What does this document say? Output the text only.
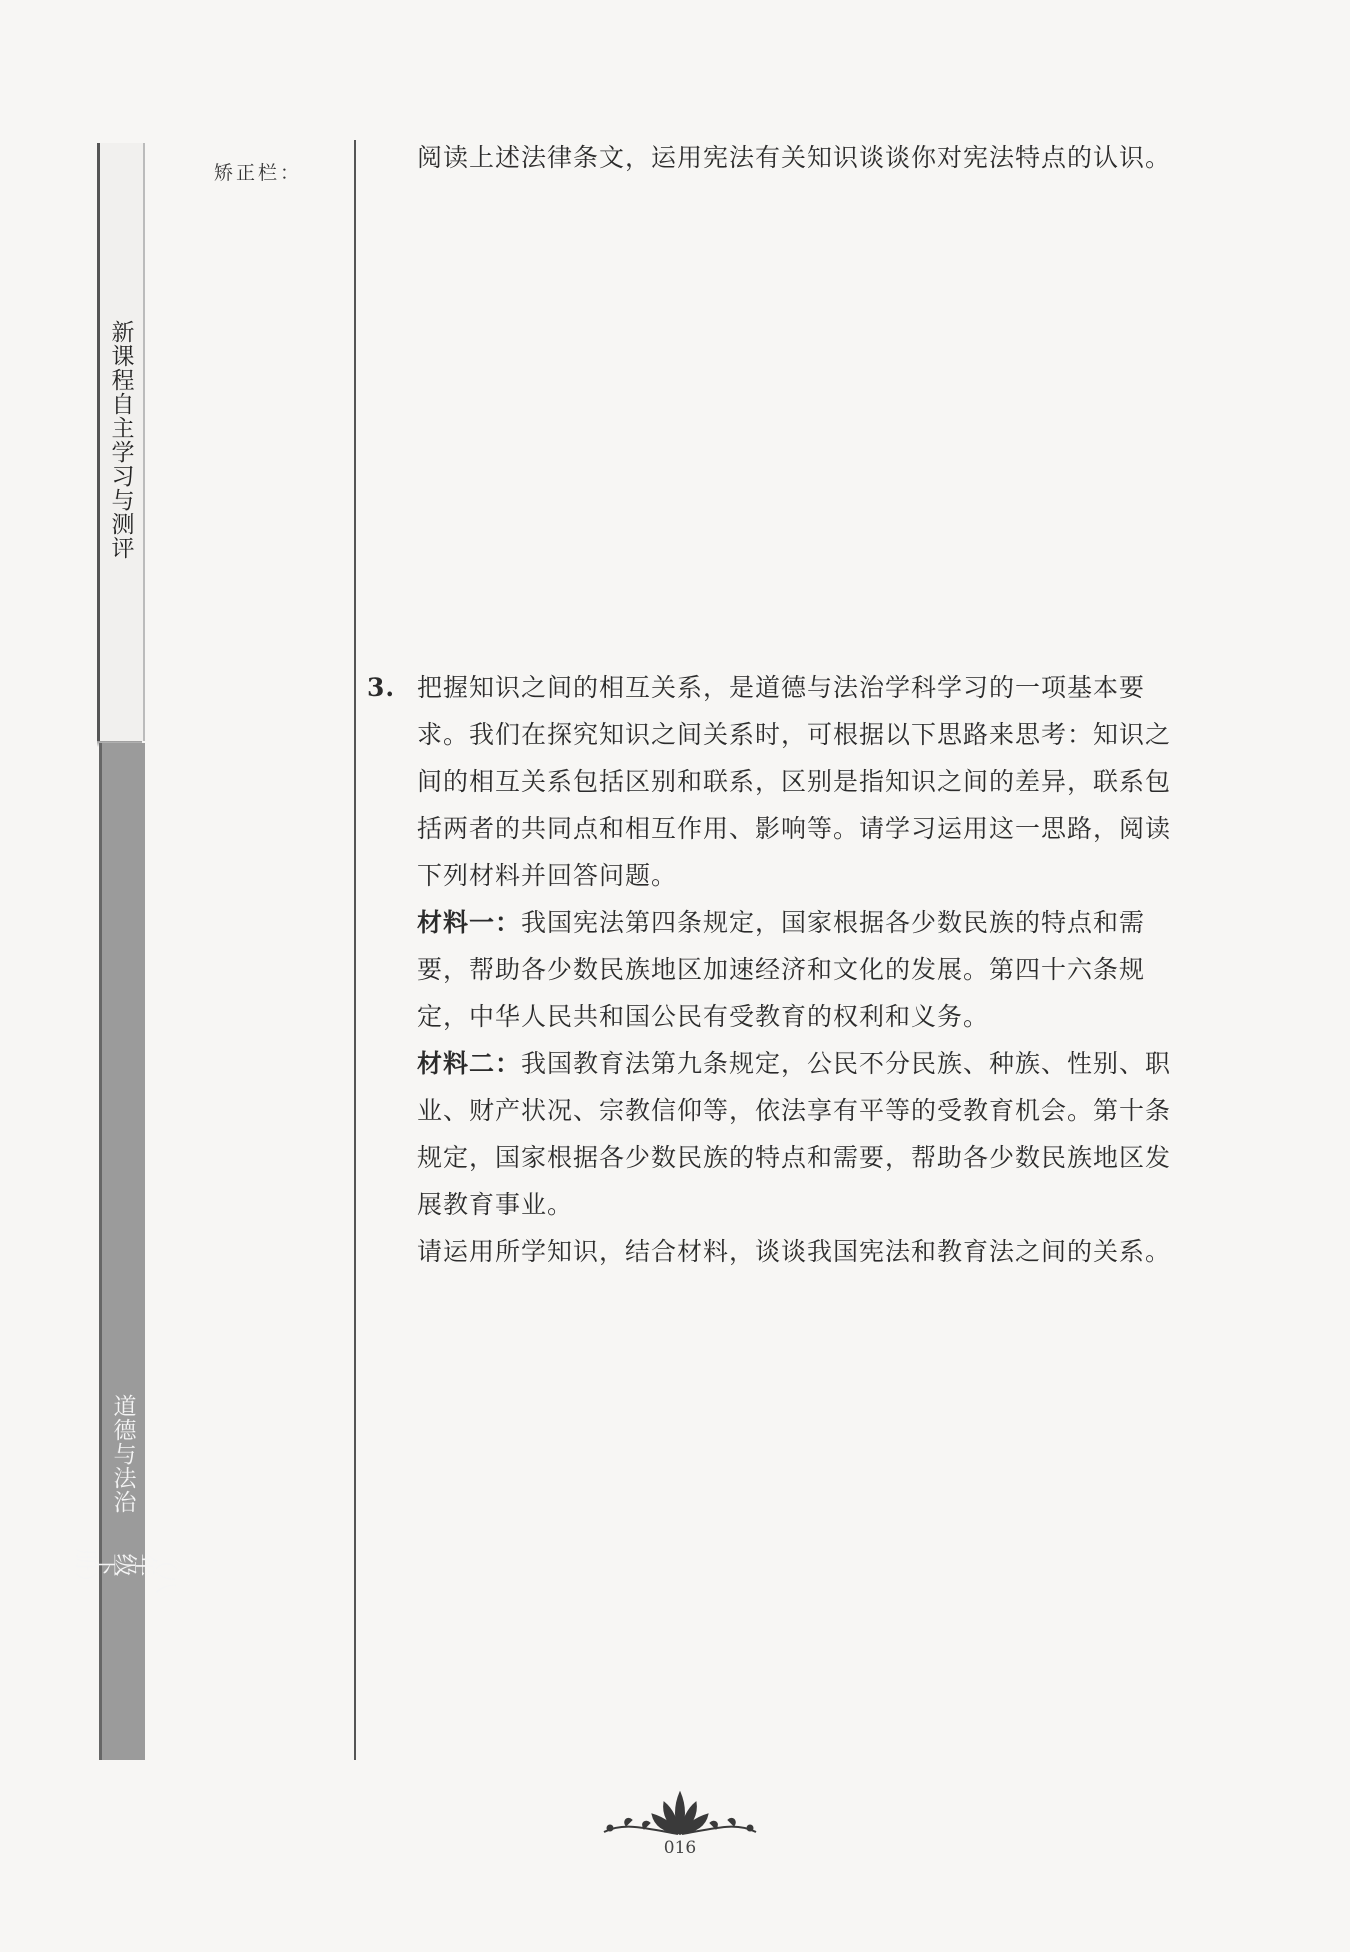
新课程自主学习与测评
道德与法治
（八年级下册）
矫正栏：
阅读上述法律条文，运用宪法有关知识谈谈你对宪法特点的认识。
3. 把握知识之间的相互关系，是道德与法治学科学习的一项基本要求。我们在探究知识之间关系时，可根据以下思路来思考：知识之间的相互关系包括区别和联系，区别是指知识之间的差异，联系包括两者的共同点和相互作用、影响等。请学习运用这一思路，阅读下列材料并回答问题。
材料一：我国宪法第四条规定，国家根据各少数民族的特点和需要，帮助各少数民族地区加速经济和文化的发展。第四十六条规定，中华人民共和国公民有受教育的权利和义务。
材料二：我国教育法第九条规定，公民不分民族、种族、性别、职业、财产状况、宗教信仰等，依法享有平等的受教育机会。第十条规定，国家根据各少数民族的特点和需要，帮助各少数民族地区发展教育事业。
请运用所学知识，结合材料，谈谈我国宪法和教育法之间的关系。
016
